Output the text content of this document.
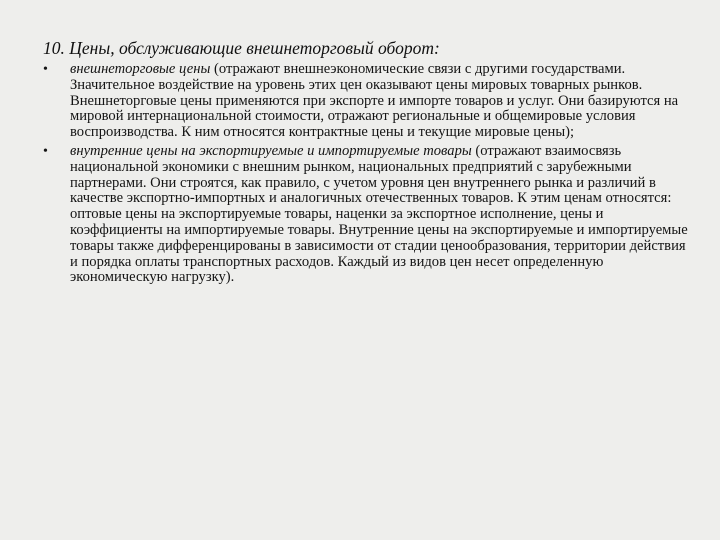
10. Цены, обслуживающие внешнеторговый оборот:
• внешнеторговые цены (отражают внешнеэкономические связи с другими государствами. Значительное воздействие на уровень этих цен оказывают цены мировых товарных рынков. Внешнеторговые цены применяются при экспорте и импорте товаров и услуг. Они базируются на мировой интернациональной стоимости, отражают региональные и общемировые условия воспроизводства. К ним относятся контрактные цены и текущие мировые цены);
• внутренние цены на экспортируемые и импортируемые товары (отражают взаимосвязь национальной экономики с внешним рынком, национальных предприятий с зарубежными партнерами. Они строятся, как правило, с учетом уровня цен внутреннего рынка и различий в качестве экспортно-импортных и аналогичных отечественных товаров. К этим ценам относятся: оптовые цены на экспортируемые товары, наценки за экспортное исполнение, цены и коэффициенты на импортируемые товары. Внутренние цены на экспортируемые и импортируемые товары также дифференцированы в зависимости от стадии ценообразования, территории действия и порядка оплаты транспортных расходов. Каждый из видов цен несет определенную экономическую нагрузку).
